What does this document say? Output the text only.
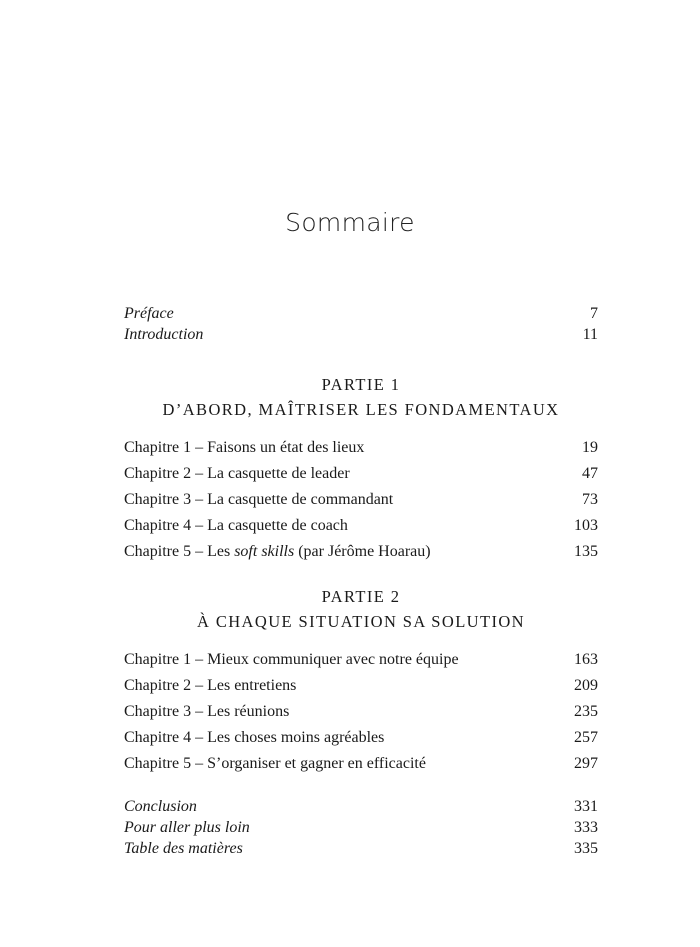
Sommaire
Préface	7
Introduction	11
PARTIE 1
D’ABORD, MAÎTRISER LES FONDAMENTAUX
Chapitre 1 – Faisons un état des lieux	19
Chapitre 2 – La casquette de leader	47
Chapitre 3 – La casquette de commandant	73
Chapitre 4 – La casquette de coach	103
Chapitre 5 – Les soft skills (par Jérôme Hoarau)	135
PARTIE 2
À CHAQUE SITUATION SA SOLUTION
Chapitre 1 – Mieux communiquer avec notre équipe	163
Chapitre 2 – Les entretiens	209
Chapitre 3 – Les réunions	235
Chapitre 4 – Les choses moins agréables	257
Chapitre 5 – S’organiser et gagner en efficacité	297
Conclusion	331
Pour aller plus loin	333
Table des matières	335
